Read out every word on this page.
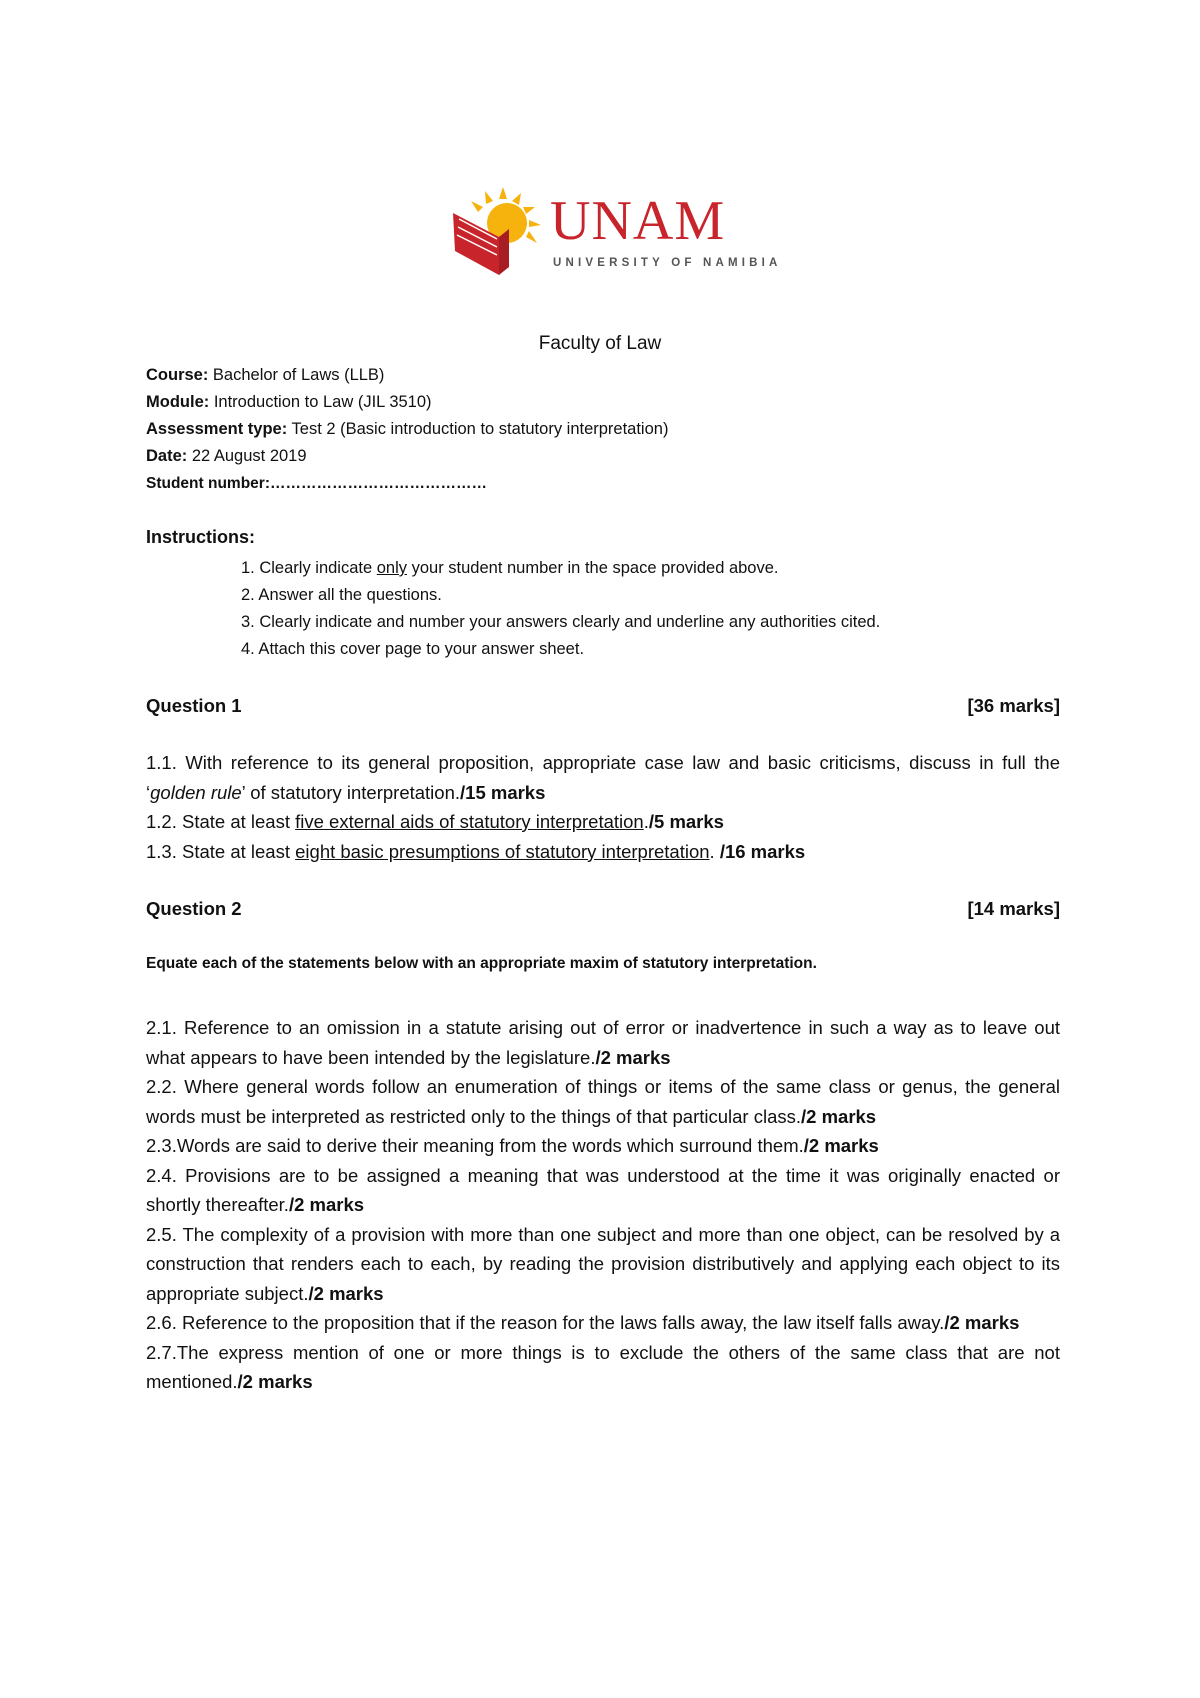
UNAM
UNIVERSITY OF NAMIBIA
Faculty of Law
Course: Bachelor of Laws (LLB)
Module: Introduction to Law (JIL 3510)
Assessment type: Test 2 (Basic introduction to statutory interpretation)
Date: 22 August 2019
Student number:……………………………………
Instructions:
1. Clearly indicate only your student number in the space provided above.
2. Answer all the questions.
3. Clearly indicate and number your answers clearly and underline any authorities cited.
4. Attach this cover page to your answer sheet.
Question 1	[36 marks]

1.1. With reference to its general proposition, appropriate case law and basic criticisms, discuss in full the ‘golden rule’ of statutory interpretation./15 marks

1.2. State at least five external aids of statutory interpretation./5 marks

1.3. State at least eight basic presumptions of statutory interpretation. /16 marks

Question 2	[14 marks]
Equate each of the statements below with an appropriate maxim of statutory interpretation.

2.1. Reference to an omission in a statute arising out of error or inadvertence in such a way as to leave out what appears to have been intended by the legislature./2 marks

2.2. Where general words follow an enumeration of things or items of the same class or genus, the general words must be interpreted as restricted only to the things of that particular class./2 marks

2.3.Words are said to derive their meaning from the words which surround them./2 marks

2.4. Provisions are to be assigned a meaning that was understood at the time it was originally enacted or shortly thereafter./2 marks

2.5. The complexity of a provision with more than one subject and more than one object, can be resolved by a construction that renders each to each, by reading the provision distributively and applying each object to its appropriate subject./2 marks

2.6. Reference to the proposition that if the reason for the laws falls away, the law itself falls away./2 marks

2.7.The express mention of one or more things is to exclude the others of the same class that are not mentioned./2 marks
